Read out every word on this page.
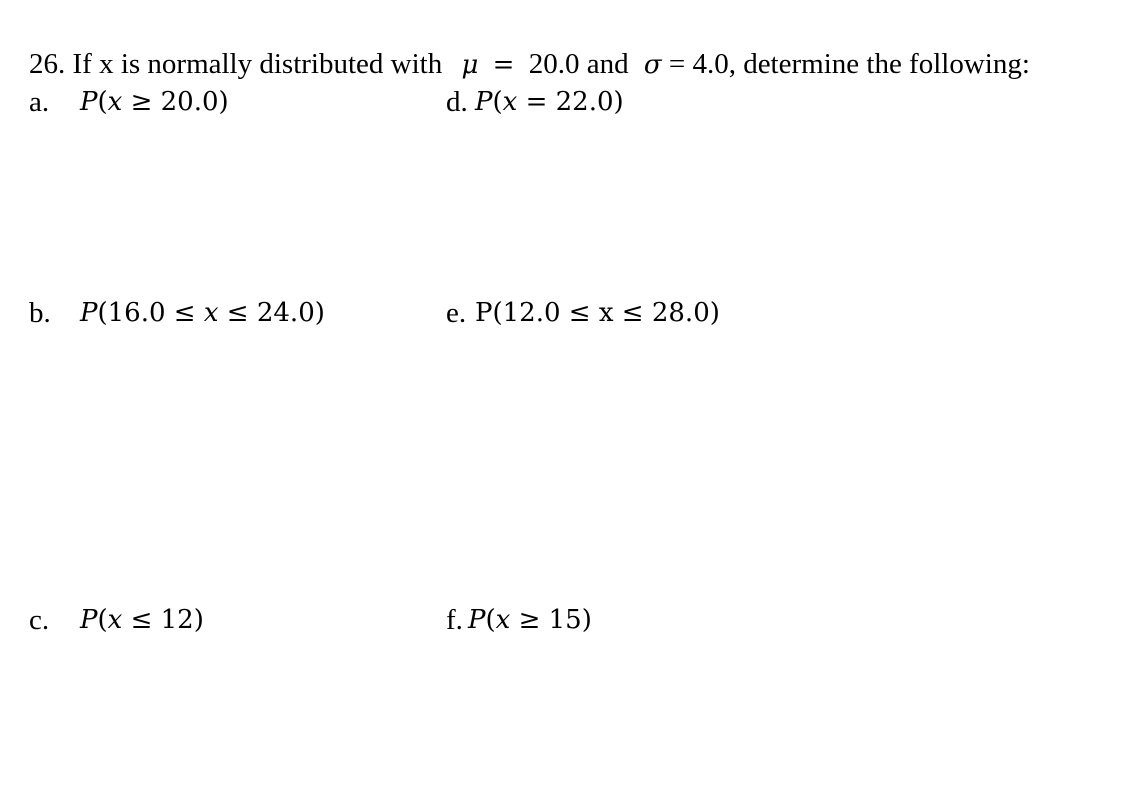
26. If x is normally distributed with μ = 20.0 and σ = 4.0, determine the following:
a. P(x ≥ 20.0)	d. P(x = 22.0)
b. P(16.0 ≤ x ≤ 24.0)	e. P(12.0 ≤ x ≤ 28.0)
c. P(x ≤ 12)	f. P(x ≥ 15)
